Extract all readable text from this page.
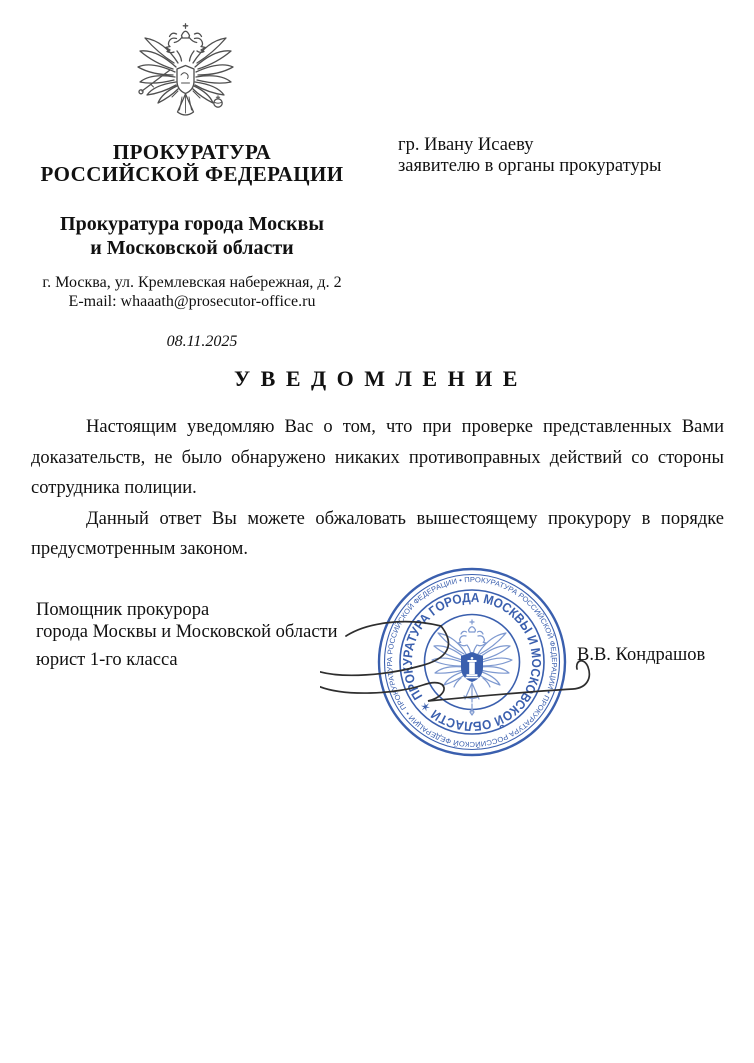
ПРОКУРАТУРА
РОССИЙСКОЙ ФЕДЕРАЦИИ
Прокуратура города Москвы
и Московской области
г. Москва, ул. Кремлевская набережная, д. 2
E-mail: whaaath@prosecutor-office.ru
08.11.2025
гр. Ивану Исаеву
заявителю в органы прокуратуры
У В Е Д О М Л Е Н И Е

Настоящим уведомляю Вас о том, что при проверке представленных Вами доказательств, не было обнаружено никаких противоправных действий со стороны сотрудника полиции.

Данный ответ Вы можете обжаловать вышестоящему прокурору в порядке предусмотренным законом.

Помощник прокурора
города Москвы и Московской области
юрист 1-го класса	В.В. Кондрашов
ПРОКУРАТУРА РОССИЙСКОЙ ФЕДЕРАЦИИ • ПРОКУРАТУРА РОССИЙСКОЙ ФЕДЕРАЦИИ • ПРОКУРАТУРА РОССИЙСКОЙ ФЕДЕРАЦИИ •
ПРОКУРАТУРА ГОРОДА МОСКВЫ И МОСКОВСКОЙ ОБЛАСТИ ✶
